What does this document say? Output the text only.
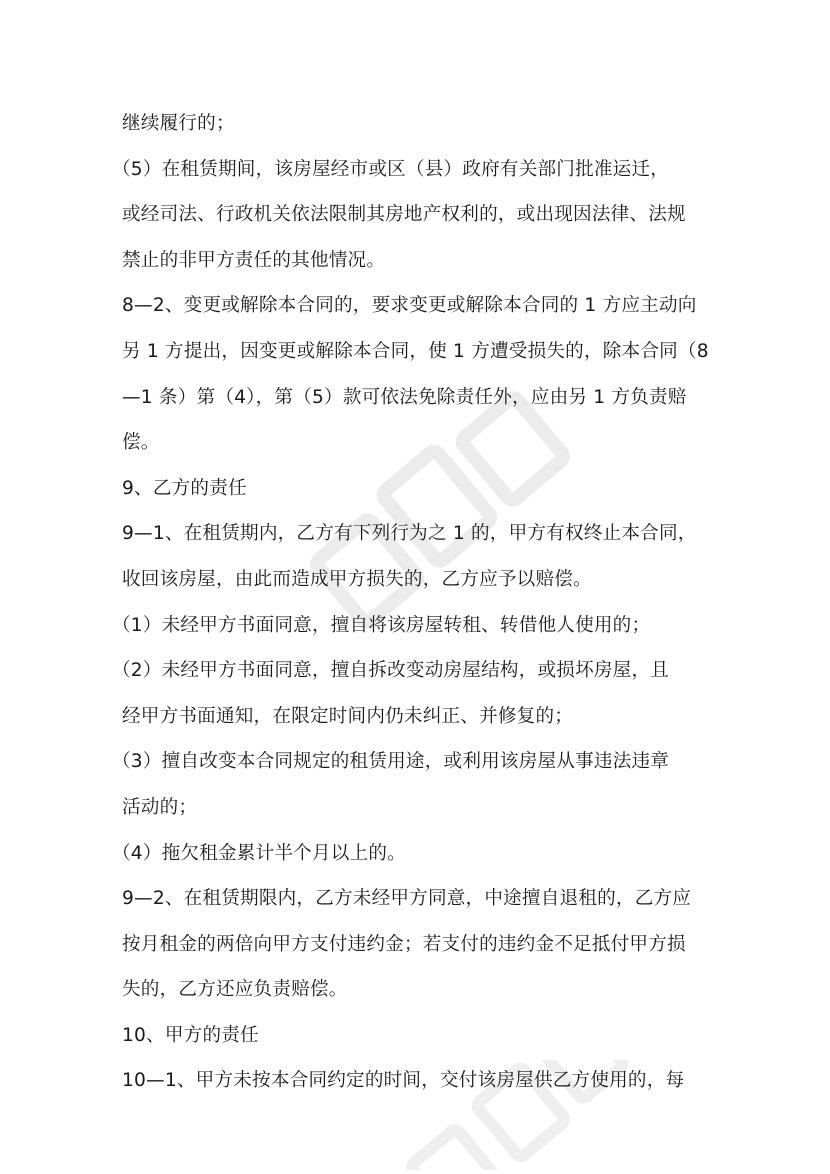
继续履行的；
（5）在租赁期间，该房屋经市或区（县）政府有关部门批准运迁，
或经司法、行政机关依法限制其房地产权利的，或出现因法律、法规
禁止的非甲方责任的其他情况。
8—2、变更或解除本合同的，要求变更或解除本合同的 1 方应主动向
另 1 方提出，因变更或解除本合同，使 1 方遭受损失的，除本合同（8
—1 条）第（4），第（5）款可依法免除责任外，应由另 1 方负责赔
偿。
9、乙方的责任
9—1、在租赁期内，乙方有下列行为之 1 的，甲方有权终止本合同，
收回该房屋，由此而造成甲方损失的，乙方应予以赔偿。
（1）未经甲方书面同意，擅自将该房屋转租、转借他人使用的；
（2）未经甲方书面同意，擅自拆改变动房屋结构，或损坏房屋，且
经甲方书面通知，在限定时间内仍未纠正、并修复的；
（3）擅自改变本合同规定的租赁用途，或利用该房屋从事违法违章
活动的；
（4）拖欠租金累计半个月以上的。
9—2、在租赁期限内，乙方未经甲方同意，中途擅自退租的，乙方应
按月租金的两倍向甲方支付违约金；若支付的违约金不足抵付甲方损
失的，乙方还应负责赔偿。
10、甲方的责任
10—1、甲方未按本合同约定的时间，交付该房屋供乙方使用的，每
